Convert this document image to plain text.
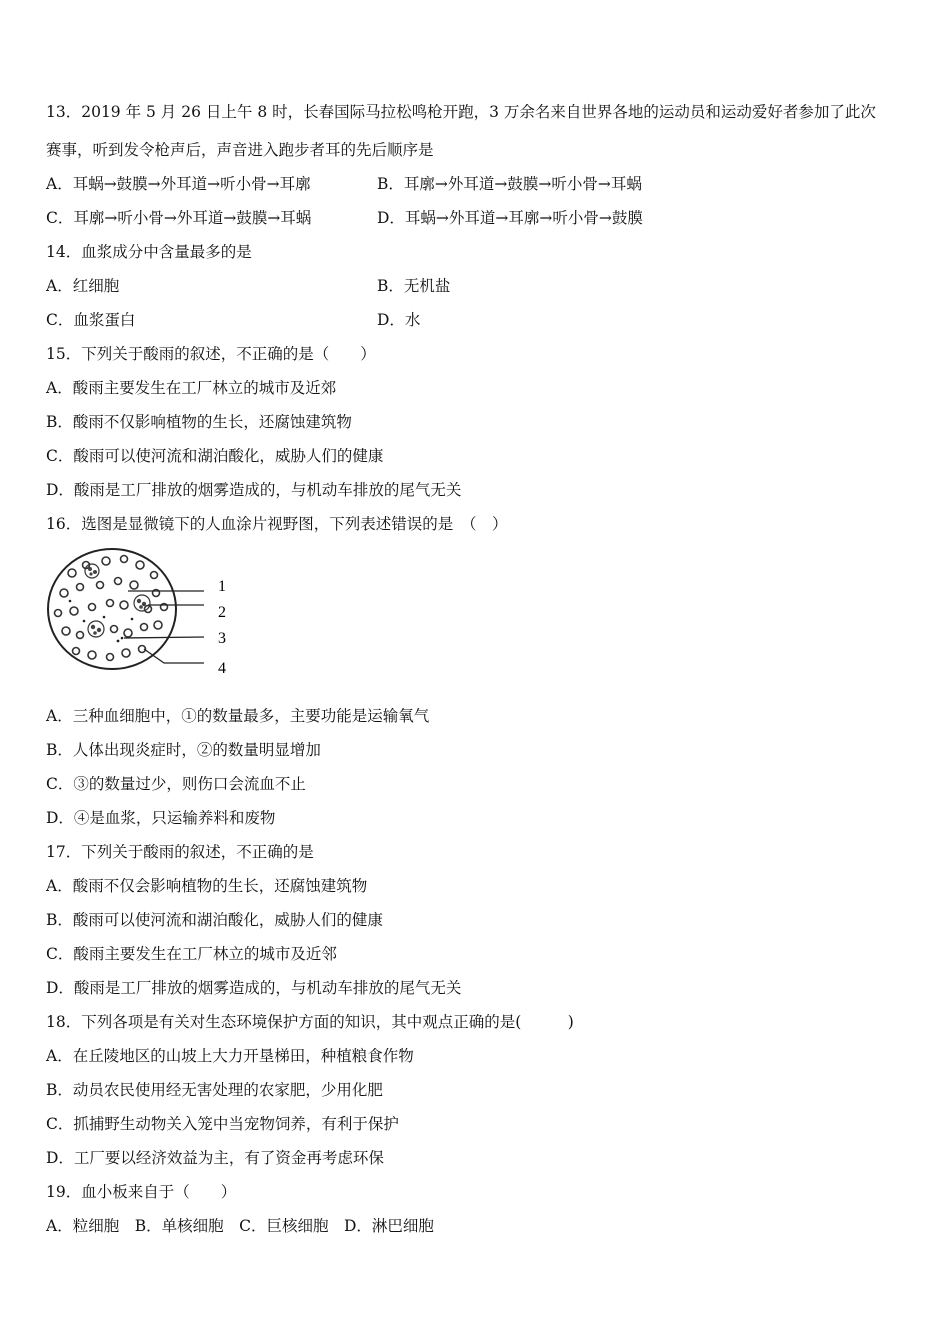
13．2019 年 5 月 26 日上午 8 时，长春国际马拉松鸣枪开跑，3 万余名来自世界各地的运动员和运动爱好者参加了此次
赛事，听到发令枪声后，声音进入跑步者耳的先后顺序是
A．耳蜗→鼓膜→外耳道→听小骨→耳廓	B．耳廓→外耳道→鼓膜→听小骨→耳蜗
C．耳廓→听小骨→外耳道→鼓膜→耳蜗	D．耳蜗→外耳道→耳廓→听小骨→鼓膜
14．血浆成分中含量最多的是
A．红细胞	B．无机盐
C．血浆蛋白	D．水
15．下列关于酸雨的叙述，不正确的是（　　）
A．酸雨主要发生在工厂林立的城市及近郊
B．酸雨不仅影响植物的生长，还腐蚀建筑物
C．酸雨可以使河流和湖泊酸化，威胁人们的健康
D．酸雨是工厂排放的烟雾造成的，与机动车排放的尾气无关
16．选图是显微镜下的人血涂片视野图，下列表述错误的是　（　）
1
2
3
4
A．三种血细胞中，①的数量最多，主要功能是运输氧气
B．人体出现炎症时，②的数量明显增加
C．③的数量过少，则伤口会流血不止
D．④是血浆，只运输养料和废物
17．下列关于酸雨的叙述，不正确的是
A．酸雨不仅会影响植物的生长，还腐蚀建筑物
B．酸雨可以使河流和湖泊酸化，威胁人们的健康
C．酸雨主要发生在工厂林立的城市及近邻
D．酸雨是工厂排放的烟雾造成的，与机动车排放的尾气无关
18．下列各项是有关对生态环境保护方面的知识，其中观点正确的是(　　　)
A．在丘陵地区的山坡上大力开垦梯田，种植粮食作物
B．动员农民使用经无害处理的农家肥，少用化肥
C．抓捕野生动物关入笼中当宠物饲养，有利于保护
D．工厂要以经济效益为主，有了资金再考虑环保
19．血小板来自于（　　）
A．粒细胞　B．单核细胞　C．巨核细胞　D．淋巴细胞
